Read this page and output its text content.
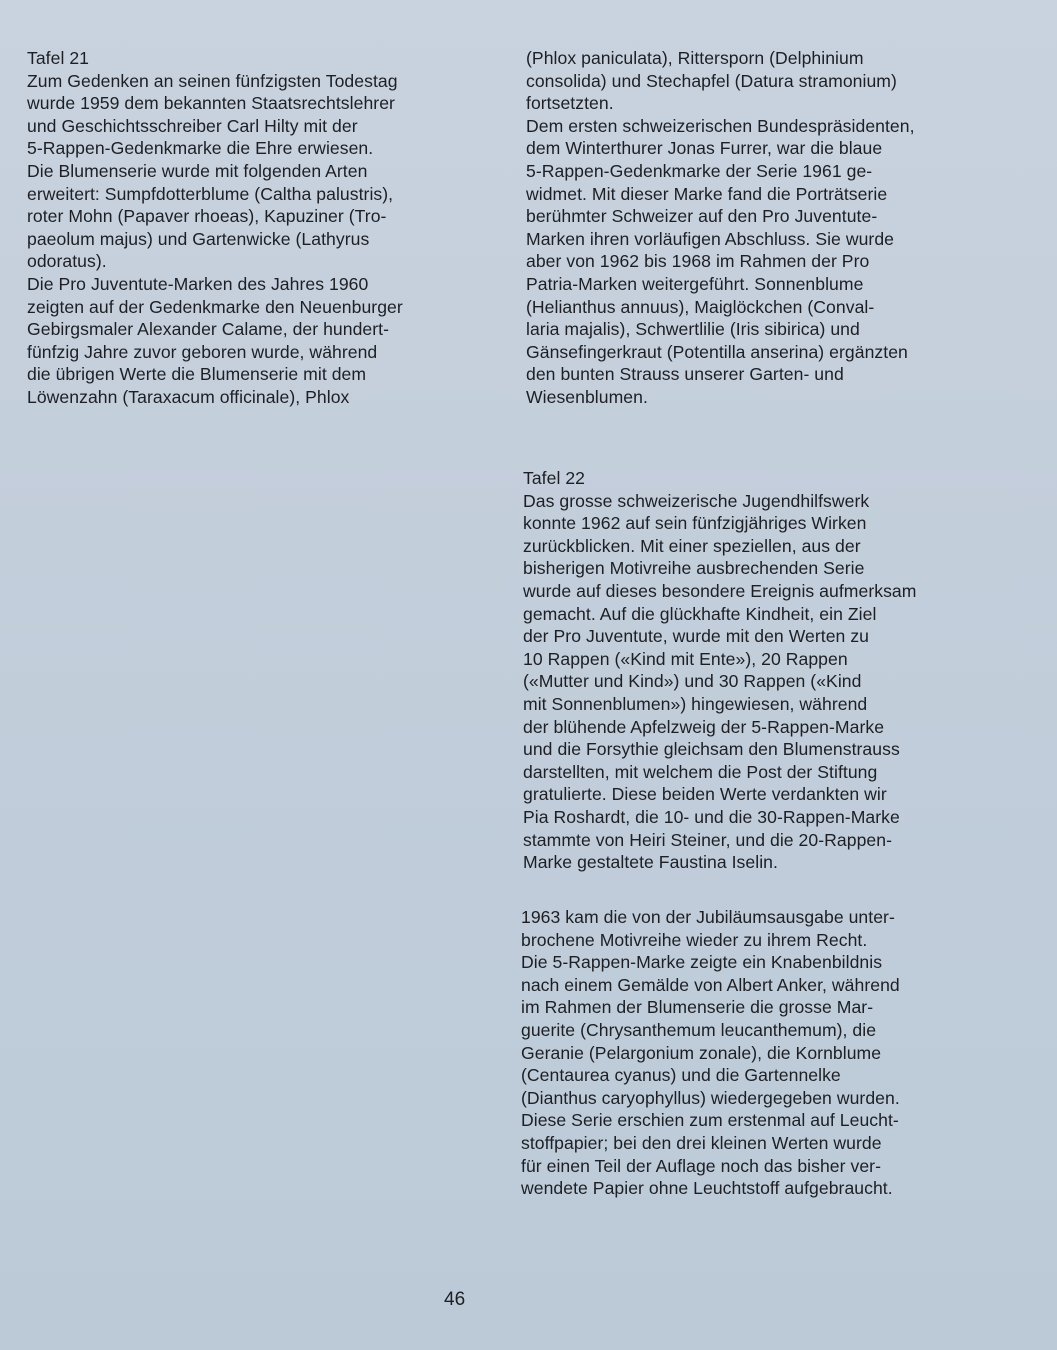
Tafel 21
Zum Gedenken an seinen fünfzigsten Todestag
wurde 1959 dem bekannten Staatsrechtslehrer
und Geschichtsschreiber Carl Hilty mit der
5-Rappen-Gedenkmarke die Ehre erwiesen.
Die Blumenserie wurde mit folgenden Arten
erweitert: Sumpfdotterblume (Caltha palustris),
roter Mohn (Papaver rhoeas), Kapuziner (Tro-
paeolum majus) und Gartenwicke (Lathyrus
odoratus).
Die Pro Juventute-Marken des Jahres 1960
zeigten auf der Gedenkmarke den Neuenburger
Gebirgsmaler Alexander Calame, der hundert-
fünfzig Jahre zuvor geboren wurde, während
die übrigen Werte die Blumenserie mit dem
Löwenzahn (Taraxacum officinale), Phlox
(Phlox paniculata), Rittersporn (Delphinium
consolida) und Stechapfel (Datura stramonium)
fortsetzten.
Dem ersten schweizerischen Bundespräsidenten,
dem Winterthurer Jonas Furrer, war die blaue
5-Rappen-Gedenkmarke der Serie 1961 ge-
widmet. Mit dieser Marke fand die Porträtserie
berühmter Schweizer auf den Pro Juventute-
Marken ihren vorläufigen Abschluss. Sie wurde
aber von 1962 bis 1968 im Rahmen der Pro
Patria-Marken weitergeführt. Sonnenblume
(Helianthus annuus), Maiglöckchen (Conval-
laria majalis), Schwertlilie (Iris sibirica) und
Gänsefingerkraut (Potentilla anserina) ergänzten
den bunten Strauss unserer Garten- und
Wiesenblumen.
Tafel 22
Das grosse schweizerische Jugendhilfswerk
konnte 1962 auf sein fünfzigjähriges Wirken
zurückblicken. Mit einer speziellen, aus der
bisherigen Motivreihe ausbrechenden Serie
wurde auf dieses besondere Ereignis aufmerksam
gemacht. Auf die glückhafte Kindheit, ein Ziel
der Pro Juventute, wurde mit den Werten zu
10 Rappen («Kind mit Ente»), 20 Rappen
(«Mutter und Kind») und 30 Rappen («Kind
mit Sonnenblumen») hingewiesen, während
der blühende Apfelzweig der 5-Rappen-Marke
und die Forsythie gleichsam den Blumenstrauss
darstellten, mit welchem die Post der Stiftung
gratulierte. Diese beiden Werte verdankten wir
Pia Roshardt, die 10- und die 30-Rappen-Marke
stammte von Heiri Steiner, und die 20-Rappen-
Marke gestaltete Faustina Iselin.
1963 kam die von der Jubiläumsausgabe unter-
brochene Motivreihe wieder zu ihrem Recht.
Die 5-Rappen-Marke zeigte ein Knabenbildnis
nach einem Gemälde von Albert Anker, während
im Rahmen der Blumenserie die grosse Mar-
guerite (Chrysanthemum leucanthemum), die
Geranie (Pelargonium zonale), die Kornblume
(Centaurea cyanus) und die Gartennelke
(Dianthus caryophyllus) wiedergegeben wurden.
Diese Serie erschien zum erstenmal auf Leucht-
stoffpapier; bei den drei kleinen Werten wurde
für einen Teil der Auflage noch das bisher ver-
wendete Papier ohne Leuchtstoff aufgebraucht.
46
